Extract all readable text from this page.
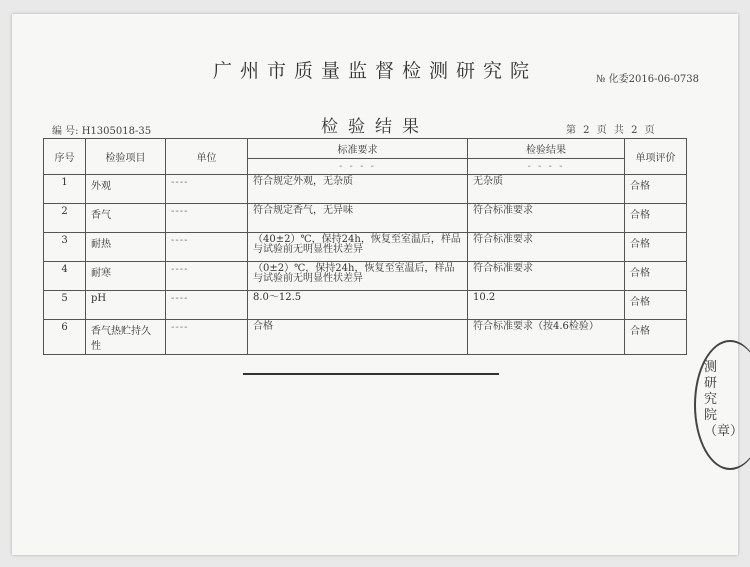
广州市质量监督检测研究院	№ 化委2016-06-0738
编 号: H1305018-35	检验结果	第 2 页 共 2 页
序号	检验项目	单位	标准要求	检验结果	单项评价
			- - - -	- - - -	
1	外观	----	符合规定外观，无杂质	无杂质	合格
2	香气	----	符合规定香气，无异味	符合标准要求	合格
3	耐热	----	（40±2）℃，保持24h，恢复至室温后，样品与试验前无明显性状差异	符合标准要求	合格
4	耐寒	----	（0±2）℃，保持24h，恢复至室温后，样品与试验前无明显性状差异	符合标准要求	合格
5	pH	----	8.0～12.5	10.2	合格
6	香气热贮持久性	----	合格	符合标准要求（按4.6检验）	合格
测研究院（章）
